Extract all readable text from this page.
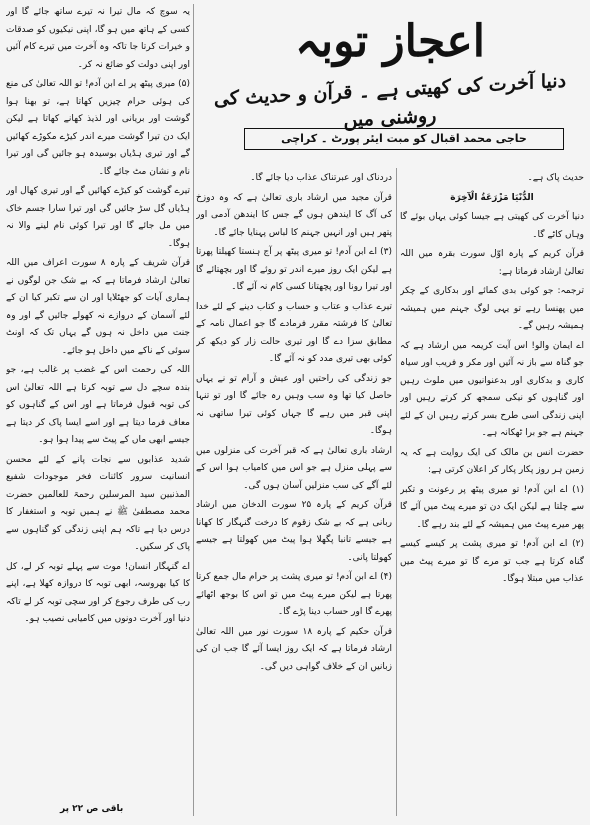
اعجاز توبہ
دنیا آخرت کی کھیتی ہے ۔ قرآن و حدیث کی روشنی میں
حاجی محمد اقبال کو مبت ایئر پورٹ ۔ کراچی

حدیث پاک ہے۔

الدُّنْيَا مَزْرَعَةُ الْآخِرَة

دنیا آخرت کی کھیتی ہے جیسا کوئی یہاں بوئے گا وہاں کاٹے گا۔

قرآن کریم کے پارہ اوّل سورت بقرہ میں اللہ تعالیٰ ارشاد فرماتا ہے:

ترجمہ: جو کوئی بدی کمائے اور بدکاری کے چکر میں پھنسا رہے تو یہی لوگ جہنم میں ہمیشہ ہمیشہ رہیں گے۔

اے ایمان والو! اس آیت کریمہ میں ارشاد ہے کہ جو گناہ سے باز نہ آئیں اور مکر و فریب اور سیاہ کاری و بدکاری اور بدعنوانیوں میں ملوث رہیں اور گناہوں کو نیکی سمجھ کر کرتے رہیں اور اپنی زندگی اسی طرح بسر کرتے رہیں ان کے لئے جہنم ہے جو برا ٹھکانہ ہے۔

حضرت انس بن مالک کی ایک روایت ہے کہ یہ زمین ہر روز پکار پکار کر اعلان کرتی ہے:

(۱) اے ابن آدم! تو میری پیٹھ پر رعونت و تکبر سے چلتا ہے لیکن ایک دن تو میرے پیٹ میں آئے گا پھر میرے پیٹ میں ہمیشہ کے لئے بند رہے گا۔

(۲) اے ابن آدم! تو میری پشت پر کیسے کیسے گناہ کرتا ہے جب تو مرے گا تو میرے پیٹ میں عذاب میں مبتلا ہوگا۔

دردناک اور عبرتناک عذاب دیا جائے گا۔

قرآن مجید میں ارشاد باری تعالیٰ ہے کہ وہ دوزخ کی آگ کا ایندھن ہوں گے جس کا ایندھن آدمی اور پتھر ہیں اور انہیں جہنم کا لباس پہنایا جائے گا۔

(۳) اے ابن آدم! تو میری پیٹھ پر آج ہنستا کھیلتا پھرتا ہے لیکن ایک روز میرے اندر تو روئے گا اور بچھتائے گا اور تیرا رونا اور پچھتانا کسی کام نہ آئے گا۔

تیرے عذاب و عتاب و حساب و کتاب دینے کے لئے خدا تعالیٰ کا فرشتہ مقرر فرمادے گا جو اعمال نامہ کے مطابق سزا دے گا اور تیری حالت زار کو دیکھ کر کوئی بھی تیری مدد کو نہ آئے گا۔

جو زندگی کی راحتیں اور عیش و آرام تو نے یہاں حاصل کیا تھا وہ سب وہیں رہ جائے گا اور تو تنہا اپنی قبر میں رہے گا جہاں کوئی تیرا ساتھی نہ ہوگا۔

ارشاد باری تعالیٰ ہے کہ قبر آخرت کی منزلوں میں سے پہلی منزل ہے جو اس میں کامیاب ہوا اس کے لئے آگے کی سب منزلیں آسان ہوں گی۔

قرآن کریم کے پارہ ۲۵ سورت الدخان میں ارشاد ربانی ہے کہ بے شک زقوم کا درخت گنہگار کا کھانا ہے جیسے تانبا پگھلا ہوا پیٹ میں کھولتا ہے جیسے کھولتا پانی۔

(۴) اے ابن آدم! تو میری پشت پر حرام مال جمع کرتا پھرتا ہے لیکن میرے پیٹ میں تو اس کا بوجھ اٹھائے پھرے گا اور حساب دینا پڑے گا۔

قرآن حکیم کے پارہ ۱۸ سورت نور میں اللہ تعالیٰ ارشاد فرماتا ہے کہ ایک روز ایسا آئے گا جب ان کی زبانیں ان کے خلاف گواہی دیں گی۔

یہ سوچ کہ مال تیرا نہ تیرے ساتھ جائے گا اور کسی کے ہاتھ میں ہو گا، اپنی نیکیوں کو صدقات و خیرات کرتا جا تاکہ وہ آخرت میں تیرے کام آئیں اور اپنی دولت کو ضائع نہ کر۔

(۵) میری پیٹھ پر اے ابن آدم! تو اللہ تعالیٰ کی منع کی ہوئی حرام چیزیں کھاتا ہے، تو بھنا ہوا گوشت اور بریانی اور لذیذ کھانے کھاتا ہے لیکن ایک دن تیرا گوشت میرے اندر کیڑے مکوڑے کھائیں گے اور تیری ہڈیاں بوسیدہ ہو جائیں گی اور تیرا نام و نشان مٹ جائے گا۔

تیرے گوشت کو کیڑے کھائیں گے اور تیری کھال اور ہڈیاں گل سڑ جائیں گی اور تیرا سارا جسم خاک میں مل جائے گا اور تیرا کوئی نام لینے والا نہ ہوگا۔

قرآن شریف کے پارہ ۸ سورت اعراف میں اللہ تعالیٰ ارشاد فرماتا ہے کہ بے شک جن لوگوں نے ہماری آیات کو جھٹلایا اور ان سے تکبر کیا ان کے لئے آسمان کے دروازے نہ کھولے جائیں گے اور وہ جنت میں داخل نہ ہوں گے یہاں تک کہ اونٹ سوئی کے ناکے میں داخل ہو جائے۔

اللہ کی رحمت اس کے غضب پر غالب ہے، جو بندہ سچے دل سے توبہ کرتا ہے اللہ تعالیٰ اس کی توبہ قبول فرماتا ہے اور اس کے گناہوں کو معاف فرما دیتا ہے اور اسے ایسا پاک کر دیتا ہے جیسے ابھی ماں کے پیٹ سے پیدا ہوا ہو۔

شدید عذابوں سے نجات پانے کے لئے محسن انسانیت سرور کائنات فخر موجودات شفیع المذنبین سید المرسلین رحمۃ للعالمین حضرت محمد مصطفیٰ ﷺ نے ہمیں توبہ و استغفار کا درس دیا ہے تاکہ ہم اپنی زندگی کو گناہوں سے پاک کر سکیں۔

اے گنہگار انسان! موت سے پہلے توبہ کر لے، کل کا کیا بھروسہ، ابھی توبہ کا دروازہ کھلا ہے، اپنے رب کی طرف رجوع کر اور سچی توبہ کر لے تاکہ دنیا اور آخرت دونوں میں کامیابی نصیب ہو۔

باقی ص ۲۲ پر
